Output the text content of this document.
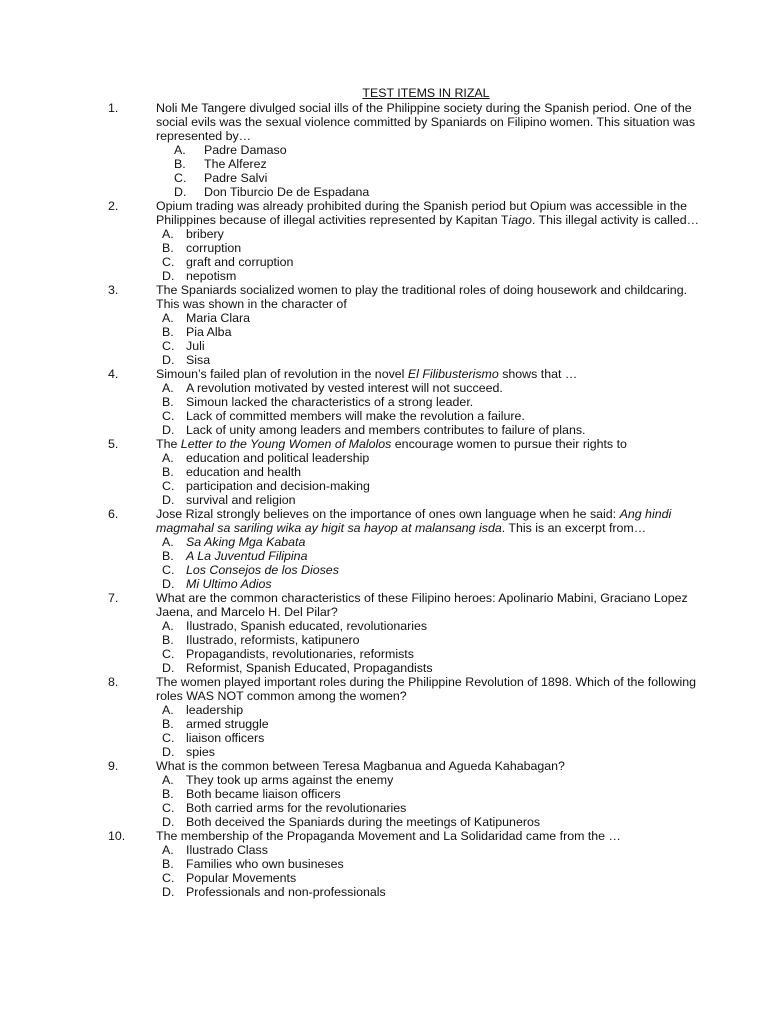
TEST ITEMS IN RIZAL
1.	Noli Me Tangere divulged social ills of the Philippine society during the Spanish period. One of the social evils was the sexual violence committed by Spaniards on Filipino women. This situation was represented by…

A.	Padre Damaso
B.	The Alferez
C.	Padre Salvi
D.	Don Tiburcio De de Espadana
2.	Opium trading was already prohibited during the Spanish period but Opium was accessible in the Philippines because of illegal activities represented by Kapitan Tiago. This illegal activity is called…

A. bribery
B. corruption
C. graft and corruption
D. nepotism
3.	The Spaniards socialized women to play the traditional roles of doing housework and childcaring. This was shown in the character of

A. Maria Clara
B. Pia Alba
C. Juli
D. Sisa
4.	Simoun’s failed plan of revolution in the novel El Filibusterismo shows that …

A. A revolution motivated by vested interest will not succeed.
B. Simoun lacked the characteristics of a strong leader.
C. Lack of committed members will make the revolution a failure.
D. Lack of unity among leaders and members contributes to failure of plans.
5.	The Letter to the Young Women of Malolos encourage women to pursue their rights to

A. education and political leadership
B. education and health
C. participation and decision-making
D. survival and religion
6.	Jose Rizal strongly believes on the importance of ones own language when he said: Ang hindi magmahal sa sariling wika ay higit sa hayop at malansang isda. This is an excerpt from…

A. Sa Aking Mga Kabata
B. A La Juventud Filipina
C. Los Consejos de los Dioses
D. Mi Ultimo Adios
7.	What are the common characteristics of these Filipino heroes: Apolinario Mabini, Graciano Lopez Jaena, and Marcelo H. Del Pilar?

A. Ilustrado, Spanish educated, revolutionaries
B. Ilustrado, reformists, katipunero
C. Propagandists, revolutionaries, reformists
D. Reformist, Spanish Educated, Propagandists
8.	The women played important roles during the Philippine Revolution of 1898. Which of the following roles WAS NOT common among the women?

A. leadership
B. armed struggle
C. liaison officers
D. spies
9.	What is the common between Teresa Magbanua and Agueda Kahabagan?

A. They took up arms against the enemy
B. Both became liaison officers
C. Both carried arms for the revolutionaries
D. Both deceived the Spaniards during the meetings of Katipuneros
10.	The membership of the Propaganda Movement and La Solidaridad came from the …

A. Ilustrado Class
B. Families who own busineses
C. Popular Movements
D. Professionals and non-professionals
